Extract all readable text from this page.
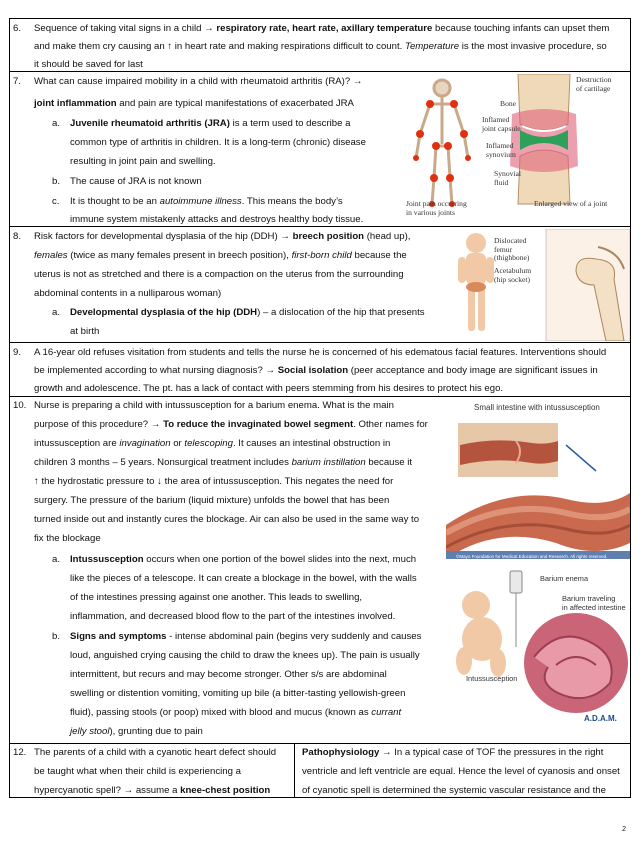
6. Sequence of taking vital signs in a child → respiratory rate, heart rate, axillary temperature because touching infants can upset them
and make them cry causing an ↑ in heart rate and making respirations difficult to count. Temperature is the most invasive procedure, so
it should be saved for last
7. What can cause impaired mobility in a child with rheumatoid arthritis (RA)? →
joint inflammation and pain are typical manifestations of exacerbated JRA
a. Juvenile rheumatoid arthritis (JRA) is a term used to describe a
common type of arthritis in children. It is a long-term (chronic) disease
resulting in joint pain and swelling.
b. The cause of JRA is not known
c. It is thought to be an autoimmune illness. This means the body’s
immune system mistakenly attacks and destroys healthy body tissue.
Destruction
of cartilage
Bone
Inflamed
joint capsule
Inflamed
synovium
Synovial
fluid
Joint pain occurring
in various joints
Enlarged view of a joint
8. Risk factors for developmental dysplasia of the hip (DDH) → breech position (head up),
females (twice as many females present in breech position), first-born child because the
uterus is not as stretched and there is a compaction on the uterus from the surrounding
abdominal contents in a nulliparous woman)
a. Developmental dysplasia of the hip (DDH) – a dislocation of the hip that presents
at birth
Dislocated
femur
(thighbone)
Acetabulum
(hip socket)
9. A 16-year old refuses visitation from students and tells the nurse he is concerned of his edematous facial features. Interventions should
be implemented according to what nursing diagnosis? → Social isolation (peer acceptance and body image are significant issues in
growth and adolescence. The pt. has a lack of contact with peers stemming from his desires to protect his ego.
10. Nurse is preparing a child with intussusception for a barium enema. What is the main
purpose of this procedure? → To reduce the invaginated bowel segment. Other names for
intussusception are invagination or telescoping. It causes an intestinal obstruction in
children 3 months – 5 years. Nonsurgical treatment includes barium instillation because it
↑ the hydrostatic pressure to ↓ the area of intussusception. This negates the need for
surgery. The pressure of the barium (liquid mixture) unfolds the bowel that has been
turned inside out and instantly cures the blockage. Air can also be used in the same way to
fix the blockage
a. Intussusception occurs when one portion of the bowel slides into the next, much
like the pieces of a telescope. It can create a blockage in the bowel, with the walls
of the intestines pressing against one another. This leads to swelling,
inflammation, and decreased blood flow to the part of the intestines involved.
b. Signs and symptoms - intense abdominal pain (begins very suddenly and causes
loud, anguished crying causing the child to draw the knees up). The pain is usually
intermittent, but recurs and may become stronger. Other s/s are abdominal
swelling or distention vomiting, vomiting up bile (a bitter-tasting yellowish-green
fluid), passing stools (or poop) mixed with blood and mucus (known as currant
jelly stool), grunting due to pain
Small intestine with intussusception
©Mayo Foundation for Medical Education and Research. All rights reserved.
Barium enema
Barium traveling
in affected intestine
Intussusception
A.D.A.M.
12. The parents of a child with a cyanotic heart defect should
be taught what when their child is experiencing a
hypercyanotic spell? → assume a knee-chest position
Pathophysiology → In a typical case of TOF the pressures in the right
ventricle and left ventricle are equal. Hence the level of cyanosis and onset
of cyanotic spell is determined the systemic vascular resistance and the
2
